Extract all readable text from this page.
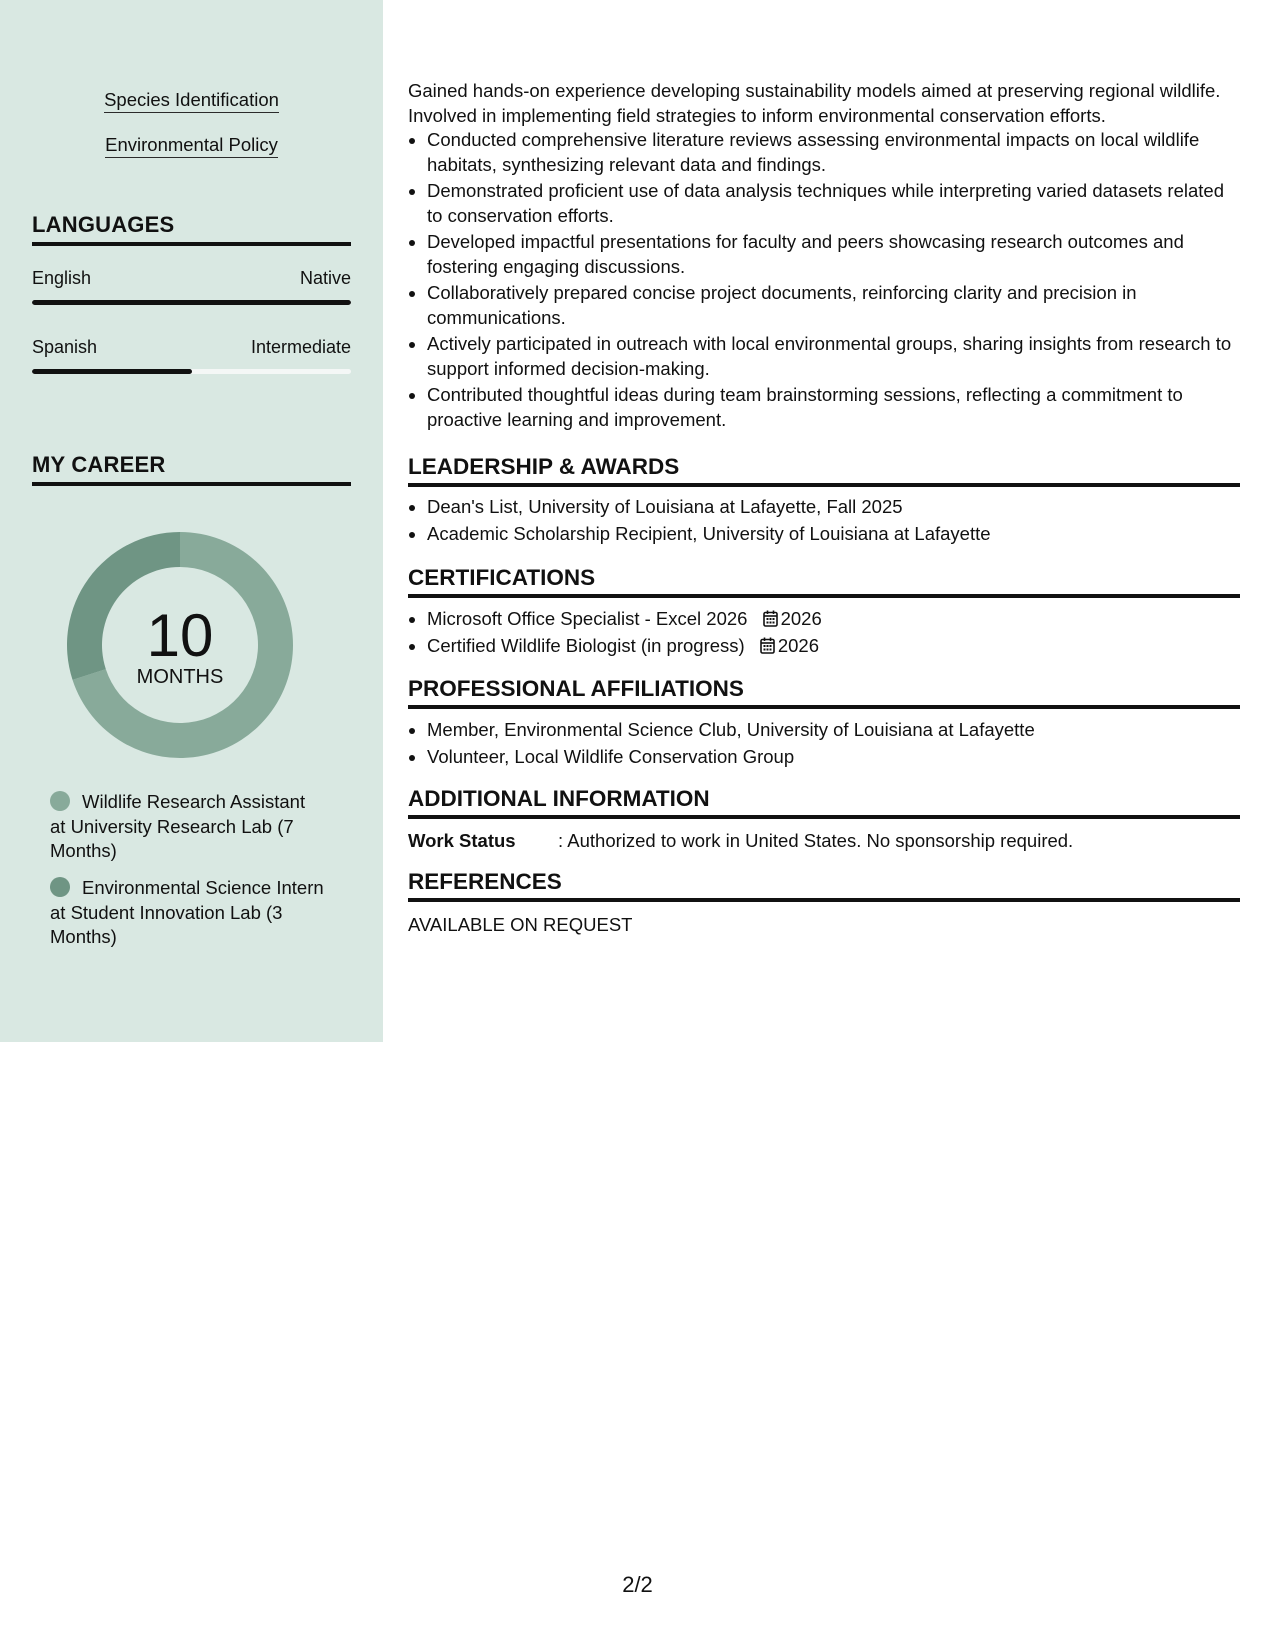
Species Identification
Environmental Policy
LANGUAGES
English	Native
Spanish	Intermediate
MY CAREER
10
MONTHS
Wildlife Research Assistant at University Research Lab (7 Months)
Environmental Science Intern at Student Innovation Lab (3 Months)
Gained hands-on experience developing sustainability models aimed at preserving regional wildlife. Involved in implementing field strategies to inform environmental conservation efforts.
Conducted comprehensive literature reviews assessing environmental impacts on local wildlife habitats, synthesizing relevant data and findings.
Demonstrated proficient use of data analysis techniques while interpreting varied datasets related to conservation efforts.
Developed impactful presentations for faculty and peers showcasing research outcomes and fostering engaging discussions.
Collaboratively prepared concise project documents, reinforcing clarity and precision in communications.
Actively participated in outreach with local environmental groups, sharing insights from research to support informed decision-making.
Contributed thoughtful ideas during team brainstorming sessions, reflecting a commitment to proactive learning and improvement.
LEADERSHIP & AWARDS
Dean's List, University of Louisiana at Lafayette, Fall 2025
Academic Scholarship Recipient, University of Louisiana at Lafayette
CERTIFICATIONS
Microsoft Office Specialist - Excel 2026 2026
Certified Wildlife Biologist (in progress) 2026
PROFESSIONAL AFFILIATIONS
Member, Environmental Science Club, University of Louisiana at Lafayette
Volunteer, Local Wildlife Conservation Group
ADDITIONAL INFORMATION
Work Status : Authorized to work in United States. No sponsorship required.
REFERENCES
AVAILABLE ON REQUEST
2/2
